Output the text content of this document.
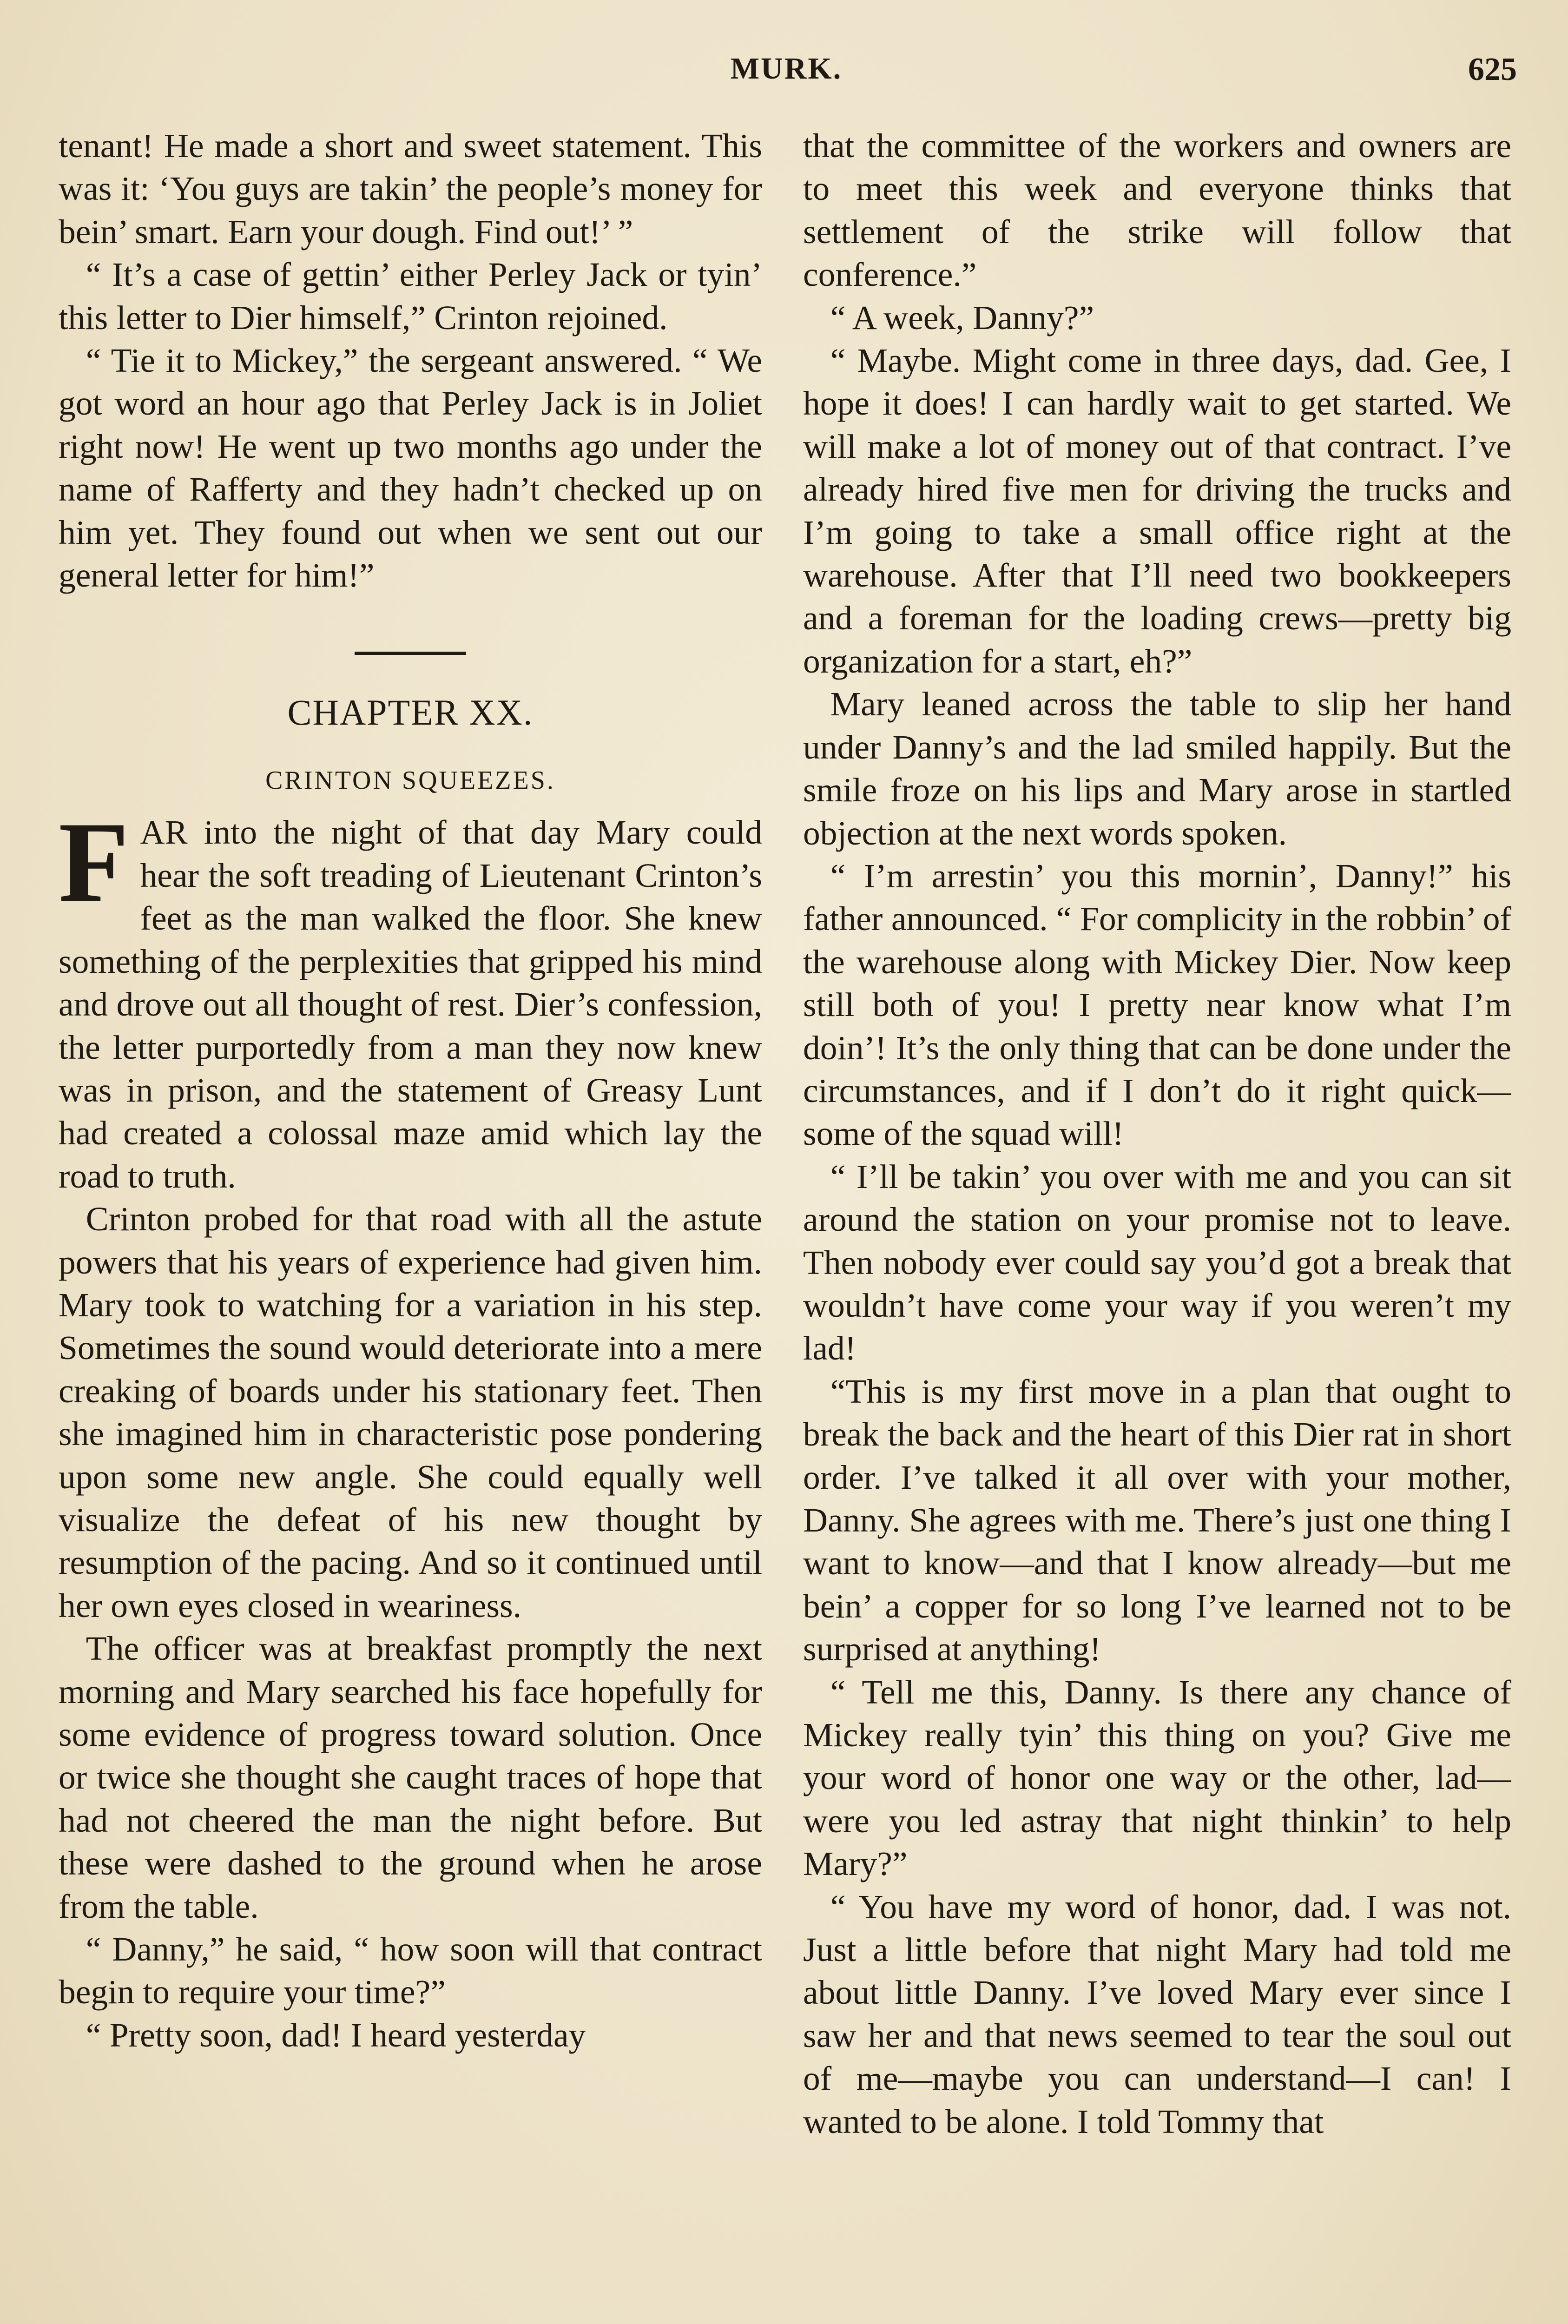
MURK.	625

tenant! He made a short and sweet statement. This was it: ‘You guys are takin’ the people’s money for bein’ smart. Earn your dough. Find out!’ ”

“ It’s a case of gettin’ either Perley Jack or tyin’ this letter to Dier himself,” Crinton rejoined.

“ Tie it to Mickey,” the sergeant answered. “ We got word an hour ago that Perley Jack is in Joliet right now! He went up two months ago under the name of Rafferty and they hadn’t checked up on him yet. They found out when we sent out our general letter for him!”

CHAPTER XX.
CRINTON SQUEEZES.

FAR into the night of that day Mary could hear the soft treading of Lieutenant Crinton’s feet as the man walked the floor. She knew something of the perplexities that gripped his mind and drove out all thought of rest. Dier’s confession, the letter purportedly from a man they now knew was in prison, and the statement of Greasy Lunt had created a colossal maze amid which lay the road to truth.

Crinton probed for that road with all the astute powers that his years of experience had given him. Mary took to watching for a variation in his step. Sometimes the sound would deteriorate into a mere creaking of boards under his stationary feet. Then she imagined him in characteristic pose pondering upon some new angle. She could equally well visualize the defeat of his new thought by resumption of the pacing. And so it continued until her own eyes closed in weariness.

The officer was at breakfast promptly the next morning and Mary searched his face hopefully for some evidence of progress toward solution. Once or twice she thought she caught traces of hope that had not cheered the man the night before. But these were dashed to the ground when he arose from the table.

“ Danny,” he said, “ how soon will that contract begin to require your time?”

“ Pretty soon, dad! I heard yesterday

that the committee of the workers and owners are to meet this week and everyone thinks that settlement of the strike will follow that conference.”

“ A week, Danny?”

“ Maybe. Might come in three days, dad. Gee, I hope it does! I can hardly wait to get started. We will make a lot of money out of that contract. I’ve already hired five men for driving the trucks and I’m going to take a small office right at the warehouse. After that I’ll need two bookkeepers and a foreman for the loading crews—pretty big organization for a start, eh?”

Mary leaned across the table to slip her hand under Danny’s and the lad smiled happily. But the smile froze on his lips and Mary arose in startled objection at the next words spoken.

“ I’m arrestin’ you this mornin’, Danny!” his father announced. “ For complicity in the robbin’ of the warehouse along with Mickey Dier. Now keep still both of you! I pretty near know what I’m doin’! It’s the only thing that can be done under the circumstances, and if I don’t do it right quick—some of the squad will!

“ I’ll be takin’ you over with me and you can sit around the station on your promise not to leave. Then nobody ever could say you’d got a break that wouldn’t have come your way if you weren’t my lad!

“This is my first move in a plan that ought to break the back and the heart of this Dier rat in short order. I’ve talked it all over with your mother, Danny. She agrees with me. There’s just one thing I want to know—and that I know already—but me bein’ a copper for so long I’ve learned not to be surprised at anything!

“ Tell me this, Danny. Is there any chance of Mickey really tyin’ this thing on you? Give me your word of honor one way or the other, lad—were you led astray that night thinkin’ to help Mary?”

“ You have my word of honor, dad. I was not. Just a little before that night Mary had told me about little Danny. I’ve loved Mary ever since I saw her and that news seemed to tear the soul out of me—maybe you can understand—I can! I wanted to be alone. I told Tommy that
